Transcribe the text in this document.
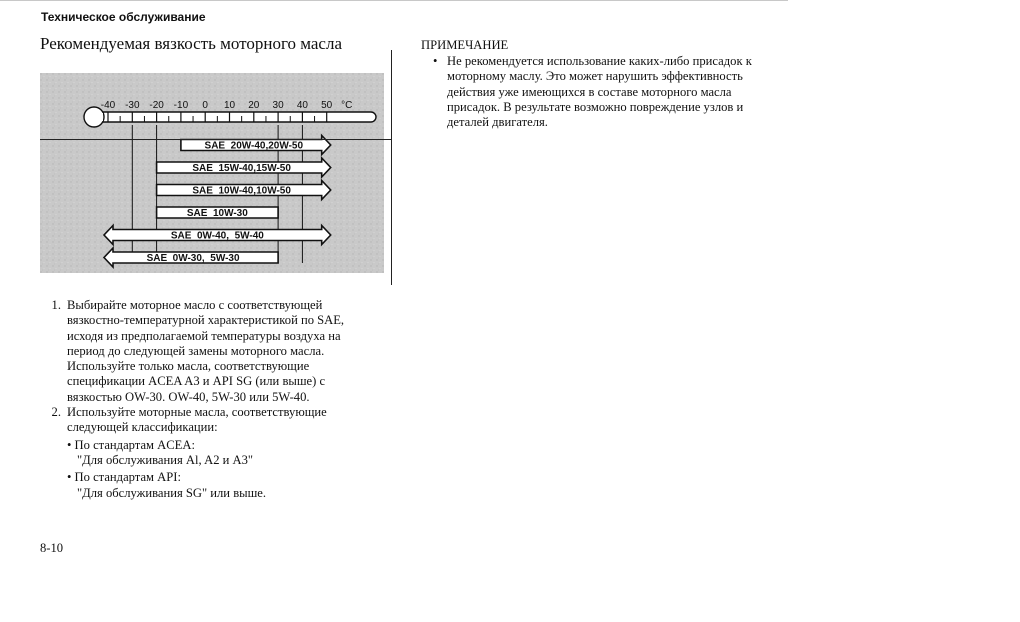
Техническое обслуживание
Рекомендуемая вязкость моторного масла
-40 -30 -20 -10 0 10 20 30 40 50 °C
SAE  20W-40,20W-50
SAE  15W-40,15W-50
SAE  10W-40,10W-50
SAE  10W-30
SAE  0W-40,  5W-40
SAE  0W-30,  5W-30
1. Выбирайте моторное масло с соответствующей вязкостно-температурной характеристикой по SAE, исходя из предполагаемой температуры воздуха на период до следующей замены моторного масла. Используйте только масла, соответствующие спецификации ACEA A3 и API SG (или выше) с вязкостью OW-30. OW-40, 5W-30 или 5W-40.
2. Используйте моторные масла, соответствующие следующей классификации:
• По стандартам ACEA:
"Для обслуживания Al, A2 и A3"
• По стандартам API:
"Для обслуживания SG" или выше.
8-10
ПРИМЕЧАНИЕ
• Не рекомендуется использование каких-либо присадок к моторному маслу. Это может нарушить эффективность действия уже имеющихся в составе моторного масла присадок. В результате возможно повреждение узлов и деталей двигателя.
